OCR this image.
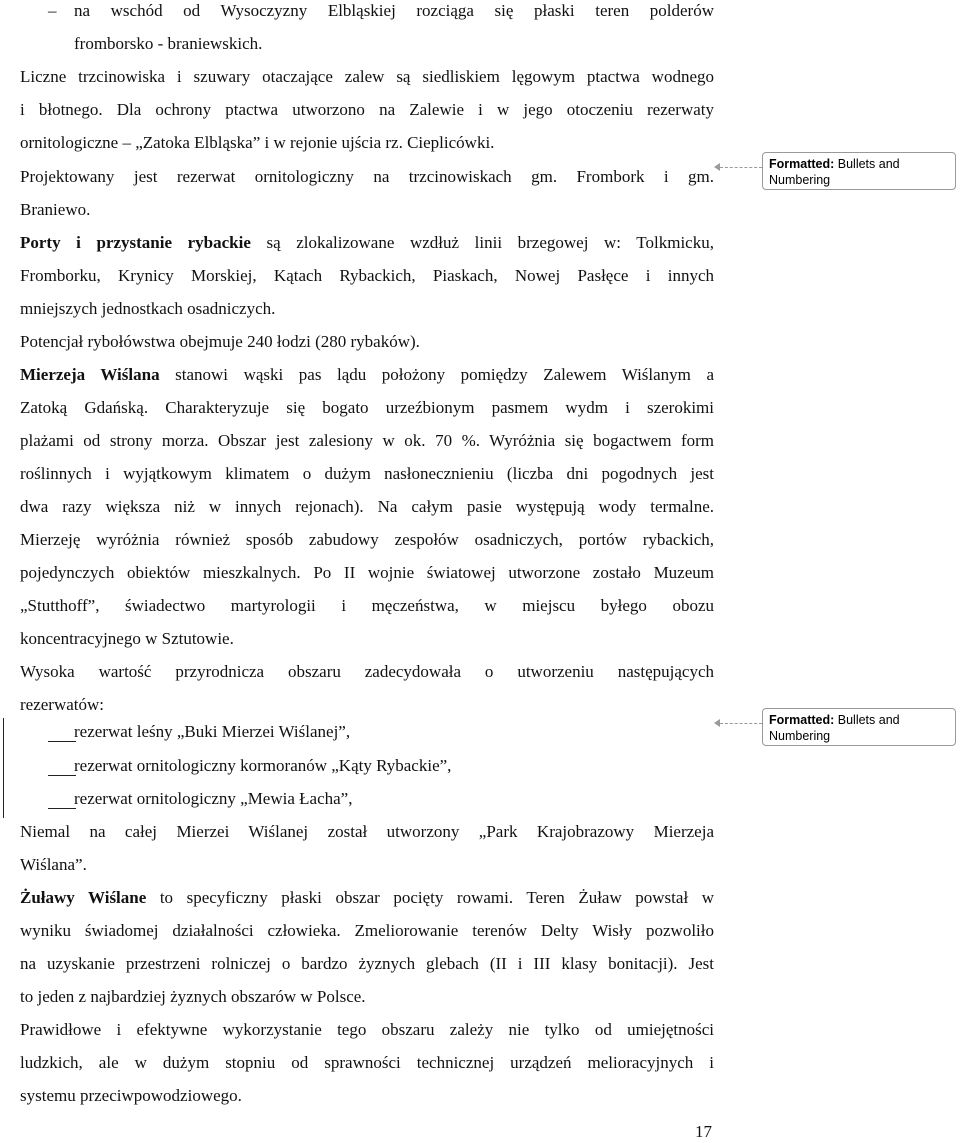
– na wschód od Wysoczyzny Elbląskiej rozciąga się płaski teren polderów
fromborsko - braniewskich.
Liczne trzcinowiska i szuwary otaczające zalew są siedliskiem lęgowym ptactwa wodnego
i błotnego. Dla ochrony ptactwa utworzono na Zalewie i w jego otoczeniu rezerwaty
ornitologiczne – „Zatoka Elbląska” i w rejonie ujścia rz. Cieplicówki.
Projektowany jest rezerwat ornitologiczny na trzcinowiskach gm. Frombork i gm.
Braniewo.
Porty i przystanie rybackie są zlokalizowane wzdłuż linii brzegowej w: Tolkmicku,
Fromborku, Krynicy Morskiej, Kątach Rybackich, Piaskach, Nowej Pasłęce i innych
mniejszych jednostkach osadniczych.
Potencjał rybołówstwa obejmuje 240 łodzi (280 rybaków).
Mierzeja Wiślana stanowi wąski pas lądu położony pomiędzy Zalewem Wiślanym a
Zatoką Gdańską. Charakteryzuje się bogato urzeźbionym pasmem wydm i szerokimi
plażami od strony morza. Obszar jest zalesiony w ok. 70 %. Wyróżnia się bogactwem form
roślinnych i wyjątkowym klimatem o dużym nasłonecznieniu (liczba dni pogodnych jest
dwa razy większa niż w innych rejonach). Na całym pasie występują wody termalne.
Mierzeję wyróżnia również sposób zabudowy zespołów osadniczych, portów rybackich,
pojedynczych obiektów mieszkalnych. Po II wojnie światowej utworzone zostało Muzeum
„Stutthoff”, świadectwo martyrologii i męczeństwa, w miejscu byłego obozu
koncentracyjnego w Sztutowie.
Wysoka wartość przyrodnicza obszaru zadecydowała o utworzeniu następujących
rezerwatów:
rezerwat leśny „Buki Mierzei Wiślanej”,
rezerwat ornitologiczny kormoranów „Kąty Rybackie”,
rezerwat ornitologiczny „Mewia Łacha”,
Niemal na całej Mierzei Wiślanej został utworzony „Park Krajobrazowy Mierzeja
Wiślana”.
Żuławy Wiślane to specyficzny płaski obszar pocięty rowami. Teren Żuław powstał w
wyniku świadomej działalności człowieka. Zmeliorowanie terenów Delty Wisły pozwoliło
na uzyskanie przestrzeni rolniczej o bardzo żyznych glebach (II i III klasy bonitacji). Jest
to jeden z najbardziej żyznych obszarów w Polsce.
Prawidłowe i efektywne wykorzystanie tego obszaru zależy nie tylko od umiejętności
ludzkich, ale w dużym stopniu od sprawności technicznej urządzeń melioracyjnych i
systemu przeciwpowodziowego.
17
Formatted: Bullets and Numbering
Formatted: Bullets and Numbering
